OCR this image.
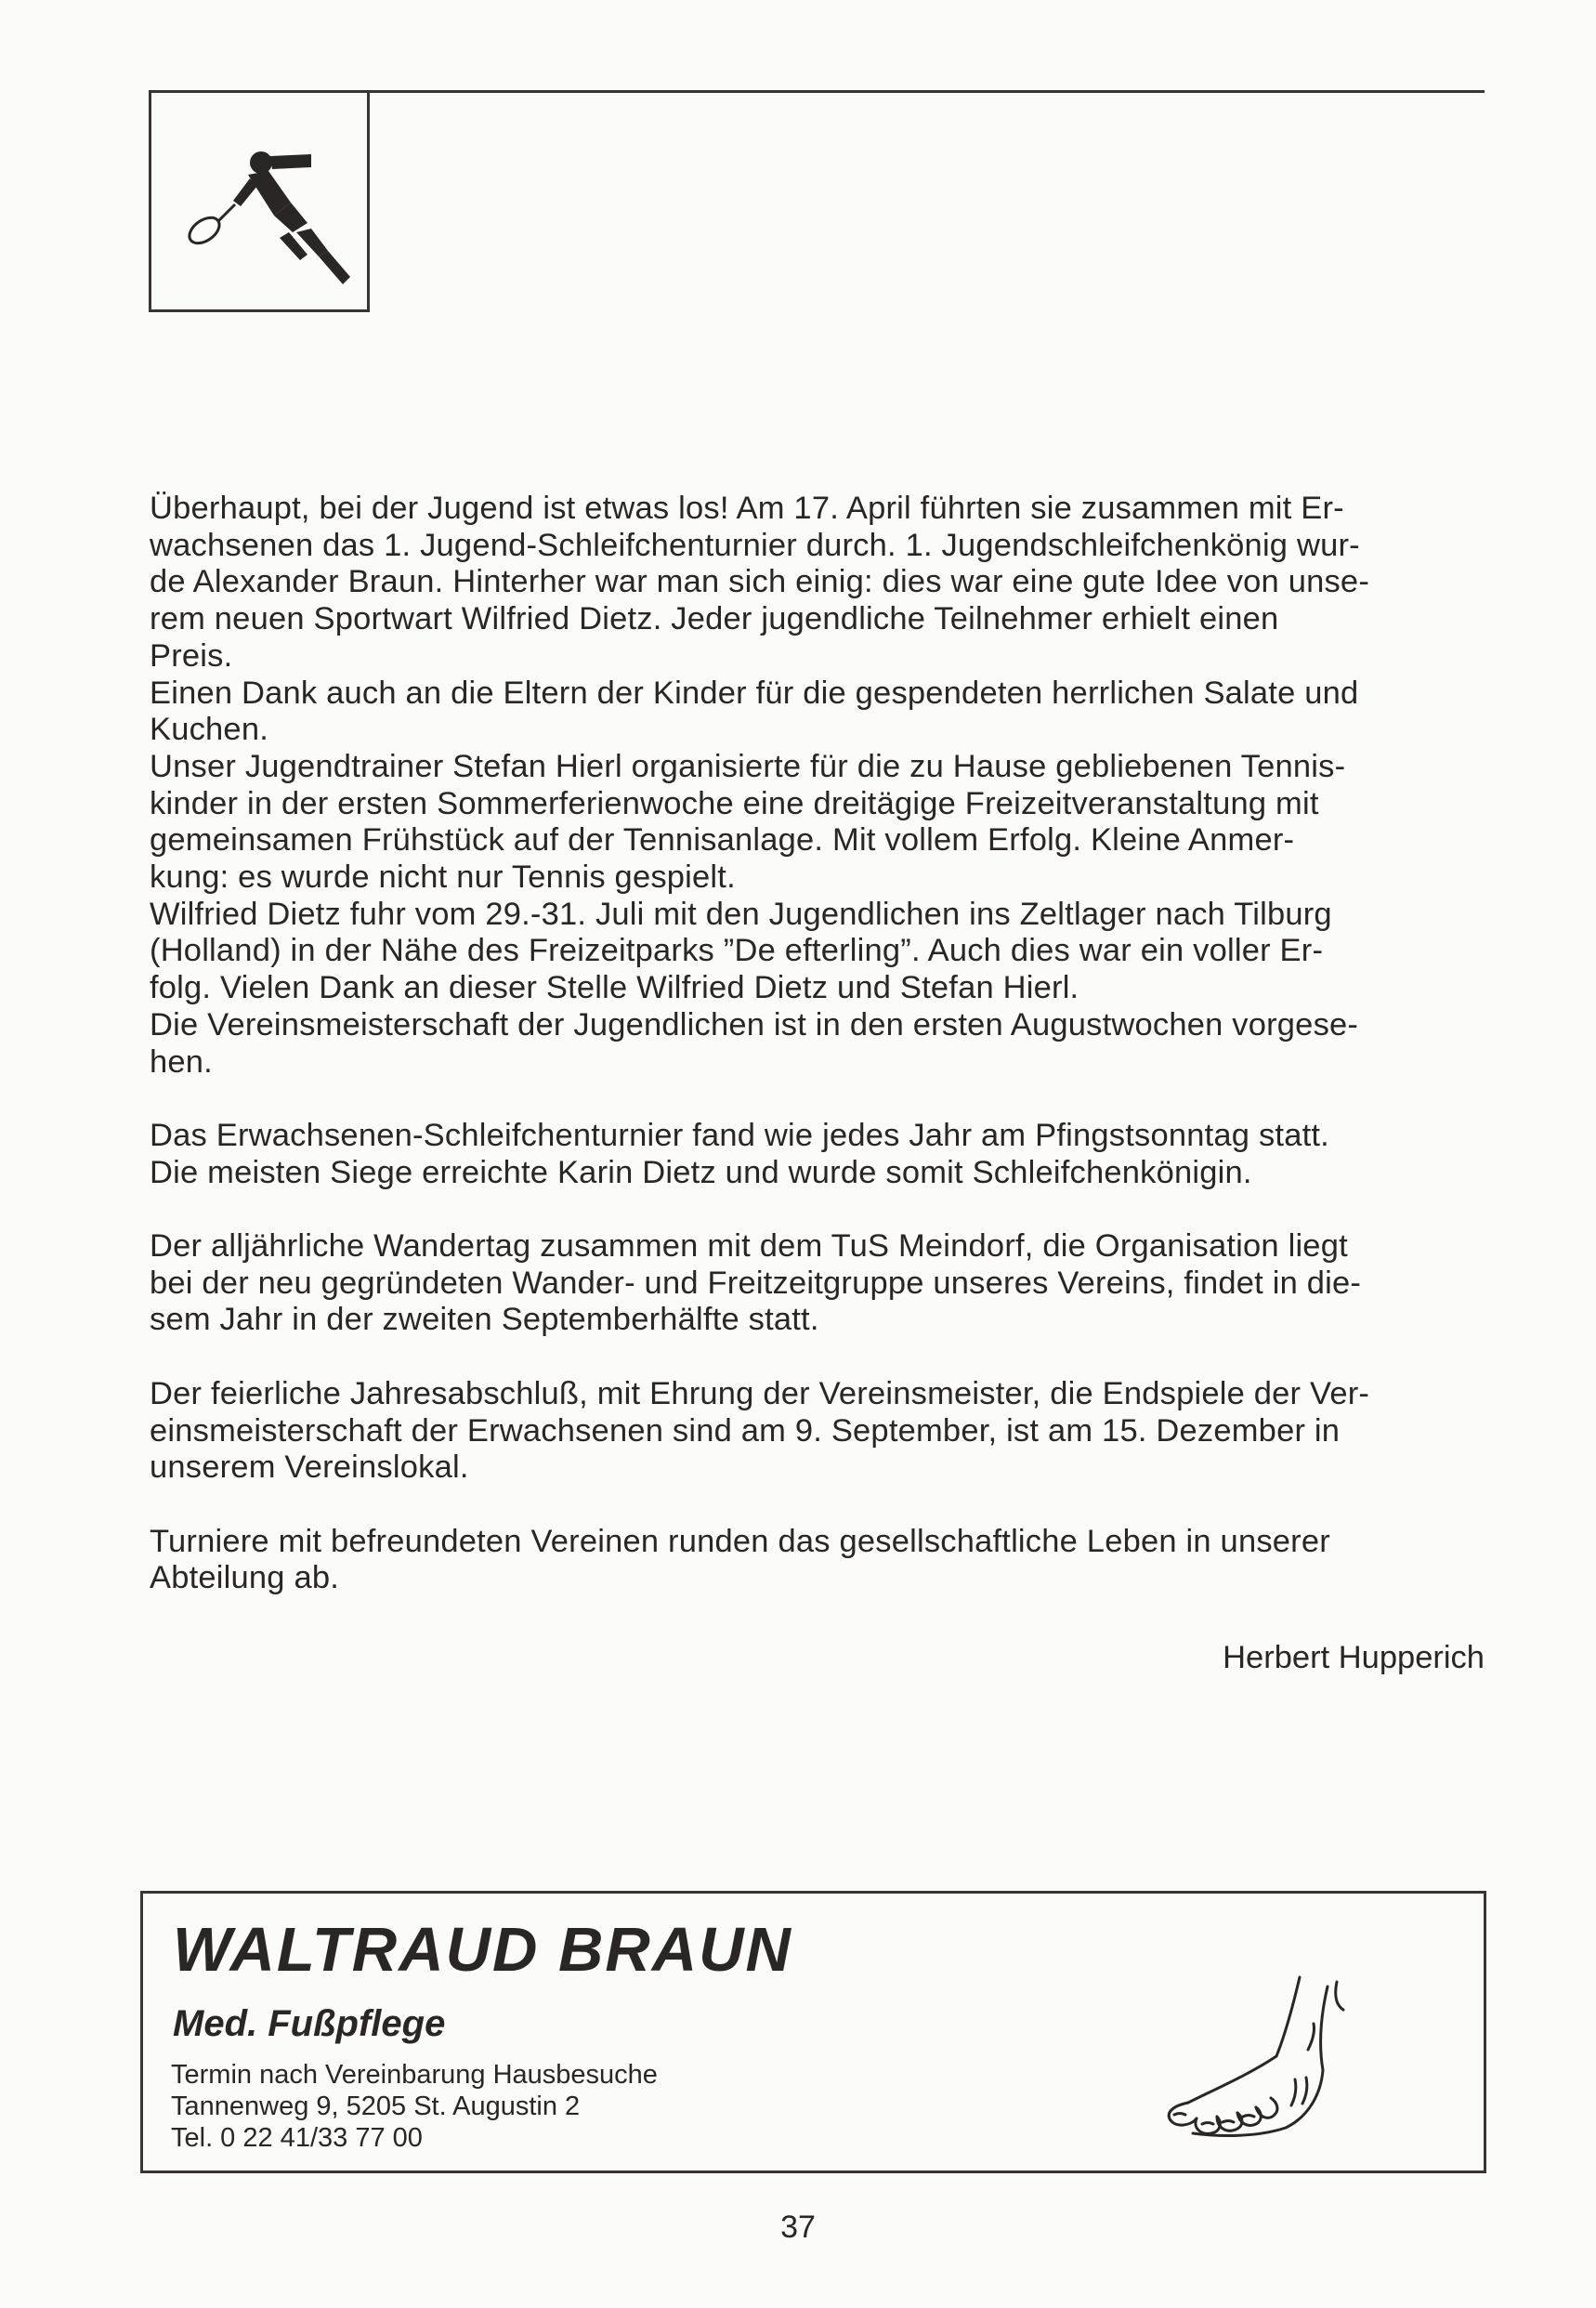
Überhaupt, bei der Jugend ist etwas los! Am 17. April führten sie zusammen mit Er-
wachsenen das 1. Jugend-Schleifchenturnier durch. 1. Jugendschleifchenkönig wur-
de Alexander Braun. Hinterher war man sich einig: dies war eine gute Idee von unse-
rem neuen Sportwart Wilfried Dietz. Jeder jugendliche Teilnehmer erhielt einen
Preis.

Einen Dank auch an die Eltern der Kinder für die gespendeten herrlichen Salate und
Kuchen.

Unser Jugendtrainer Stefan Hierl organisierte für die zu Hause gebliebenen Tennis-
kinder in der ersten Sommerferienwoche eine dreitägige Freizeitveranstaltung mit
gemeinsamen Frühstück auf der Tennisanlage. Mit vollem Erfolg. Kleine Anmer-
kung: es wurde nicht nur Tennis gespielt.

Wilfried Dietz fuhr vom 29.-31. Juli mit den Jugendlichen ins Zeltlager nach Tilburg
(Holland) in der Nähe des Freizeitparks ”De efterling”. Auch dies war ein voller Er-
folg. Vielen Dank an dieser Stelle Wilfried Dietz und Stefan Hierl.

Die Vereinsmeisterschaft der Jugendlichen ist in den ersten Augustwochen vorgese-
hen.

Das Erwachsenen-Schleifchenturnier fand wie jedes Jahr am Pfingstsonntag statt.
Die meisten Siege erreichte Karin Dietz und wurde somit Schleifchenkönigin.

Der alljährliche Wandertag zusammen mit dem TuS Meindorf, die Organisation liegt
bei der neu gegründeten Wander- und Freitzeitgruppe unseres Vereins, findet in die-
sem Jahr in der zweiten Septemberhälfte statt.

Der feierliche Jahresabschluß, mit Ehrung der Vereinsmeister, die Endspiele der Ver-
einsmeisterschaft der Erwachsenen sind am 9. September, ist am 15. Dezember in
unserem Vereinslokal.

Turniere mit befreundeten Vereinen runden das gesellschaftliche Leben in unserer
Abteilung ab.

Herbert Hupperich
WALTRAUD BRAUN
Med. Fußpflege
Termin nach Vereinbarung Hausbesuche
Tannenweg 9, 5205 St. Augustin 2
Tel. 0 22 41/33 77 00
37
